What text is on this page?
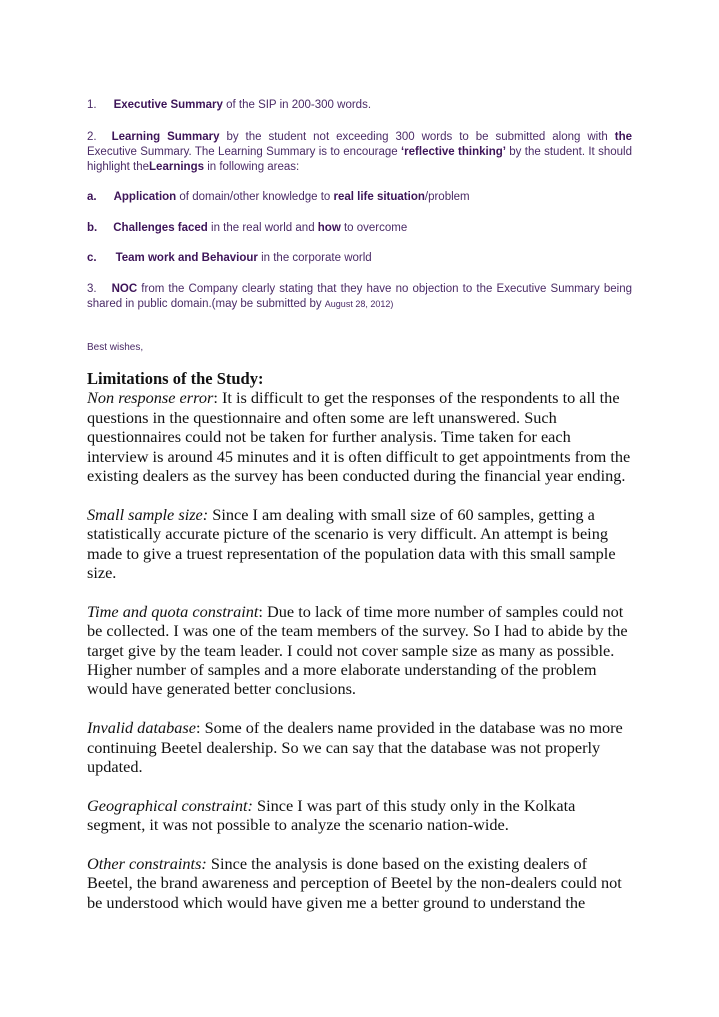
1. Executive Summary of the SIP in 200-300 words.

2. Learning Summary by the student not exceeding 300 words to be submitted along with the Executive Summary. The Learning Summary is to encourage ‘reflective thinking’ by the student. It should highlight theLearnings in following areas:

a. Application of domain/other knowledge to real life situation/problem

b. Challenges faced in the real world and how to overcome

c. Team work and Behaviour in the corporate world

3. NOC from the Company clearly stating that they have no objection to the Executive Summary being shared in public domain.(may be submitted by August 28, 2012)

Best wishes,

Limitations of the Study:

Non response error: It is difficult to get the responses of the respondents to all the questions in the questionnaire and often some are left unanswered. Such questionnaires could not be taken for further analysis. Time taken for each interview is around 45 minutes and it is often difficult to get appointments from the existing dealers as the survey has been conducted during the financial year ending.

Small sample size: Since I am dealing with small size of 60 samples, getting a statistically accurate picture of the scenario is very difficult. An attempt is being made to give a truest representation of the population data with this small sample size.

Time and quota constraint: Due to lack of time more number of samples could not be collected. I was one of the team members of the survey. So I had to abide by the target give by the team leader. I could not cover sample size as many as possible. Higher number of samples and a more elaborate understanding of the problem would have generated better conclusions.

Invalid database: Some of the dealers name provided in the database was no more continuing Beetel dealership. So we can say that the database was not properly updated.

Geographical constraint: Since I was part of this study only in the Kolkata segment, it was not possible to analyze the scenario nation-wide.

Other constraints: Since the analysis is done based on the existing dealers of Beetel, the brand awareness and perception of Beetel by the non-dealers could not be understood which would have given me a better ground to understand the
